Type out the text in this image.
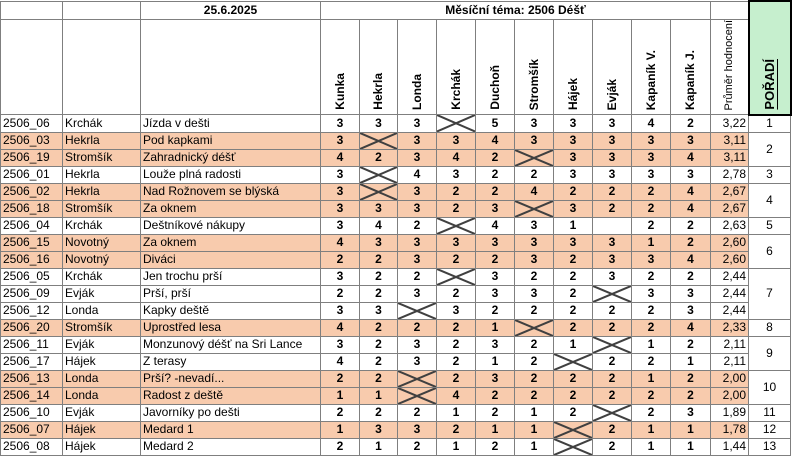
		25.6.2025	Měsíční téma: 2506 Déšť											POŘADÍ
			Kunka	Hekrla	Londa	Krchák	Duchoň	Stromšík	Hájek	Evják	Kapaník V.	Kapaník J.	Průměr hodnocení	
2506_06	Krchák	Jízda v dešti	3	3	3		5	3	3	3	4	2	3,22	1
2506_03	Hekrla	Pod kapkami	3		3	3	4	3	3	3	3	3	3,11	2
2506_19	Stromšík	Zahradnický déšť	4	2	3	4	2		3	3	3	4	3,11	
2506_01	Hekrla	Louže plná radosti	3		4	3	2	2	3	3	3	3	2,78	3
2506_02	Hekrla	Nad Rožnovem se blýská	3		3	2	2	4	2	2	2	4	2,67	4
2506_18	Stromšík	Za oknem	3	3	3	2	3		3	2	2	4	2,67	
2506_04	Krchák	Deštníkové nákupy	3	4	2		4	3	1		2	2	2,63	5
2506_15	Novotný	Za oknem	4	3	3	3	3	3	3	3	1	2	2,60	6
2506_16	Novotný	Diváci	2	2	3	2	2	3	2	3	3	4	2,60	
2506_05	Krchák	Jen trochu prší	3	2	2		3	2	2	3	2	2	2,44	7
2506_09	Evják	Prší, prší	2	2	3	2	3	3	2		3	3	2,44	
2506_12	Londa	Kapky deště	3	3		3	2	2	2	2	2	3	2,44	
2506_20	Stromšík	Uprostřed lesa	4	2	2	2	1		2	2	2	4	2,33	8
2506_11	Evják	Monzunový déšť na Sri Lance	3	2	3	2	3	2	1		1	2	2,11	9
2506_17	Hájek	Z terasy	4	2	3	2	1	2		2	2	1	2,11	
2506_13	Londa	Prší? -nevadí...	2	2		2	3	2	2	2	1	2	2,00	10
2506_14	Londa	Radost z deště	1	1		4	2	2	2	2	2	2	2,00	
2506_10	Evják	Javorníky po dešti	2	2	2	1	2	1	2		2	3	1,89	11
2506_07	Hájek	Medard 1	1	3	3	2	1	1		2	1	1	1,78	12
2506_08	Hájek	Medard 2	2	1	2	1	2	1		2	1	1	1,44	13
